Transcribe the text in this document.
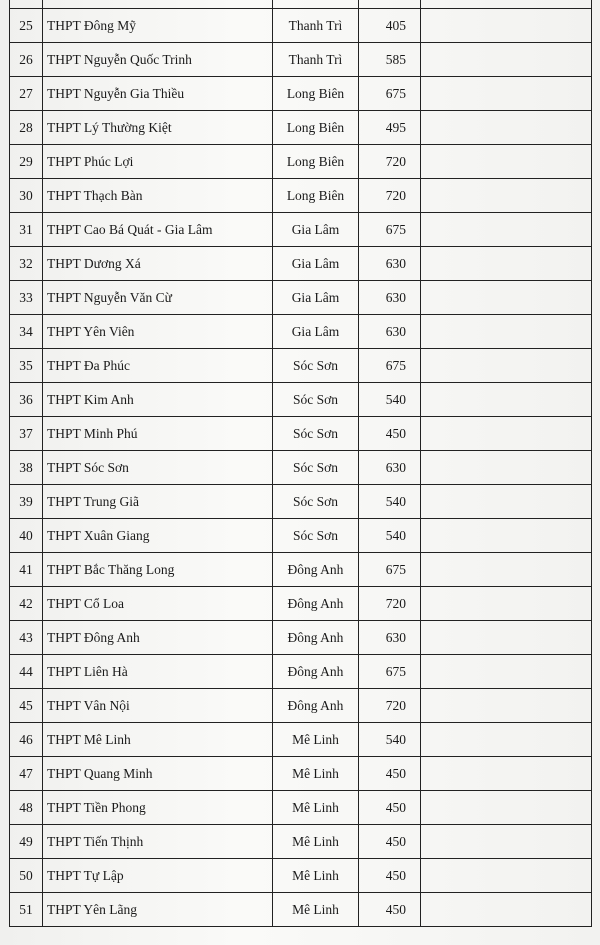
25	THPT Đông Mỹ	Thanh Trì	405	
26	THPT Nguyễn Quốc Trinh	Thanh Trì	585	
27	THPT Nguyễn Gia Thiều	Long Biên	675	
28	THPT Lý Thường Kiệt	Long Biên	495	
29	THPT Phúc Lợi	Long Biên	720	
30	THPT Thạch Bàn	Long Biên	720	
31	THPT Cao Bá Quát - Gia Lâm	Gia Lâm	675	
32	THPT Dương Xá	Gia Lâm	630	
33	THPT Nguyễn Văn Cừ	Gia Lâm	630	
34	THPT Yên Viên	Gia Lâm	630	
35	THPT Đa Phúc	Sóc Sơn	675	
36	THPT Kim Anh	Sóc Sơn	540	
37	THPT Minh Phú	Sóc Sơn	450	
38	THPT Sóc Sơn	Sóc Sơn	630	
39	THPT Trung Giã	Sóc Sơn	540	
40	THPT Xuân Giang	Sóc Sơn	540	
41	THPT Bắc Thăng Long	Đông Anh	675	
42	THPT Cổ Loa	Đông Anh	720	
43	THPT Đông Anh	Đông Anh	630	
44	THPT Liên Hà	Đông Anh	675	
45	THPT Vân Nội	Đông Anh	720	
46	THPT Mê Linh	Mê Linh	540	
47	THPT Quang Minh	Mê Linh	450	
48	THPT Tiền Phong	Mê Linh	450	
49	THPT Tiến Thịnh	Mê Linh	450	
50	THPT Tự Lập	Mê Linh	450	
51	THPT Yên Lãng	Mê Linh	450	
